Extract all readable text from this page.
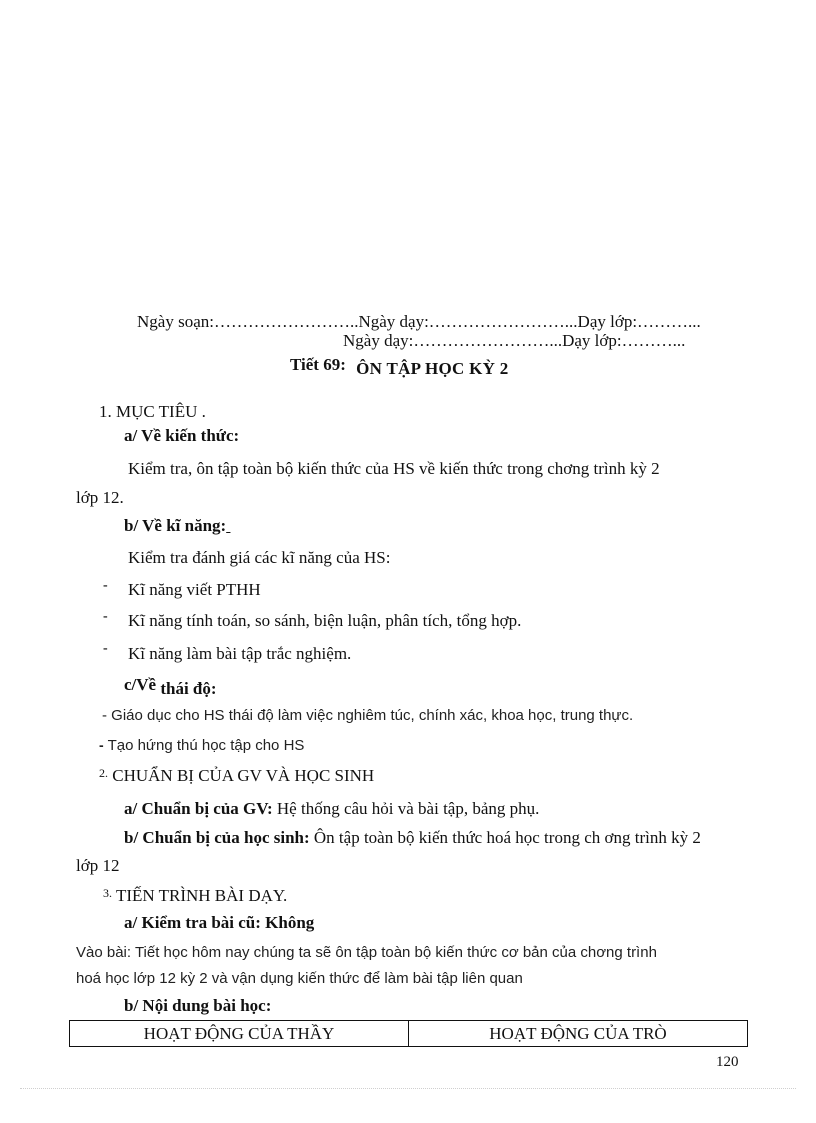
Ngày soạn:……………………..Ngày dạy:……………………...Dạy lớp:………...
Ngày dạy:……………………...Dạy lớp:………...
Tiết 69: ÔN TẬP HỌC KỲ 2
1. MỤC TIÊU .
a/ Về kiến thức:
Kiểm tra, ôn tập toàn bộ kiến thức của HS về kiến thức trong chơng trình kỳ 2
lớp 12.
b/ Về kĩ năng:
Kiểm tra đánh giá các kĩ năng của HS:
- Kĩ năng viết PTHH
- Kĩ năng tính toán, so sánh, biện luận, phân tích, tổng hợp.
- Kĩ năng làm bài tập trắc nghiệm.
c/Về thái độ:
- Giáo dục cho HS thái độ làm việc nghiêm túc, chính xác, khoa học, trung thực.
- Tạo hứng thú học tập cho HS
$^{2.}$ CHUẨN BỊ CỦA GV VÀ HỌC SINH
a/ Chuẩn bị của GV: Hệ thống câu hỏi và bài tập, bảng phụ.
b/ Chuẩn bị của học sinh: Ôn tập toàn bộ kiến thức hoá học trong ch ơng trình kỳ 2
lớp 12
$^{3.}$ TIẾN TRÌNH BÀI DẠY.
a/ Kiểm tra bài cũ: Không
Vào bài: Tiết học hôm nay chúng ta sẽ ôn tập toàn bộ kiến thức cơ bản của chơng trình
hoá học lớp 12 kỳ 2 và vận dụng kiến thức để làm bài tập liên quan
b/ Nội dung bài học:
HOẠT ĐỘNG CỦA THẦY	HOẠT ĐỘNG CỦA TRÒ
120
